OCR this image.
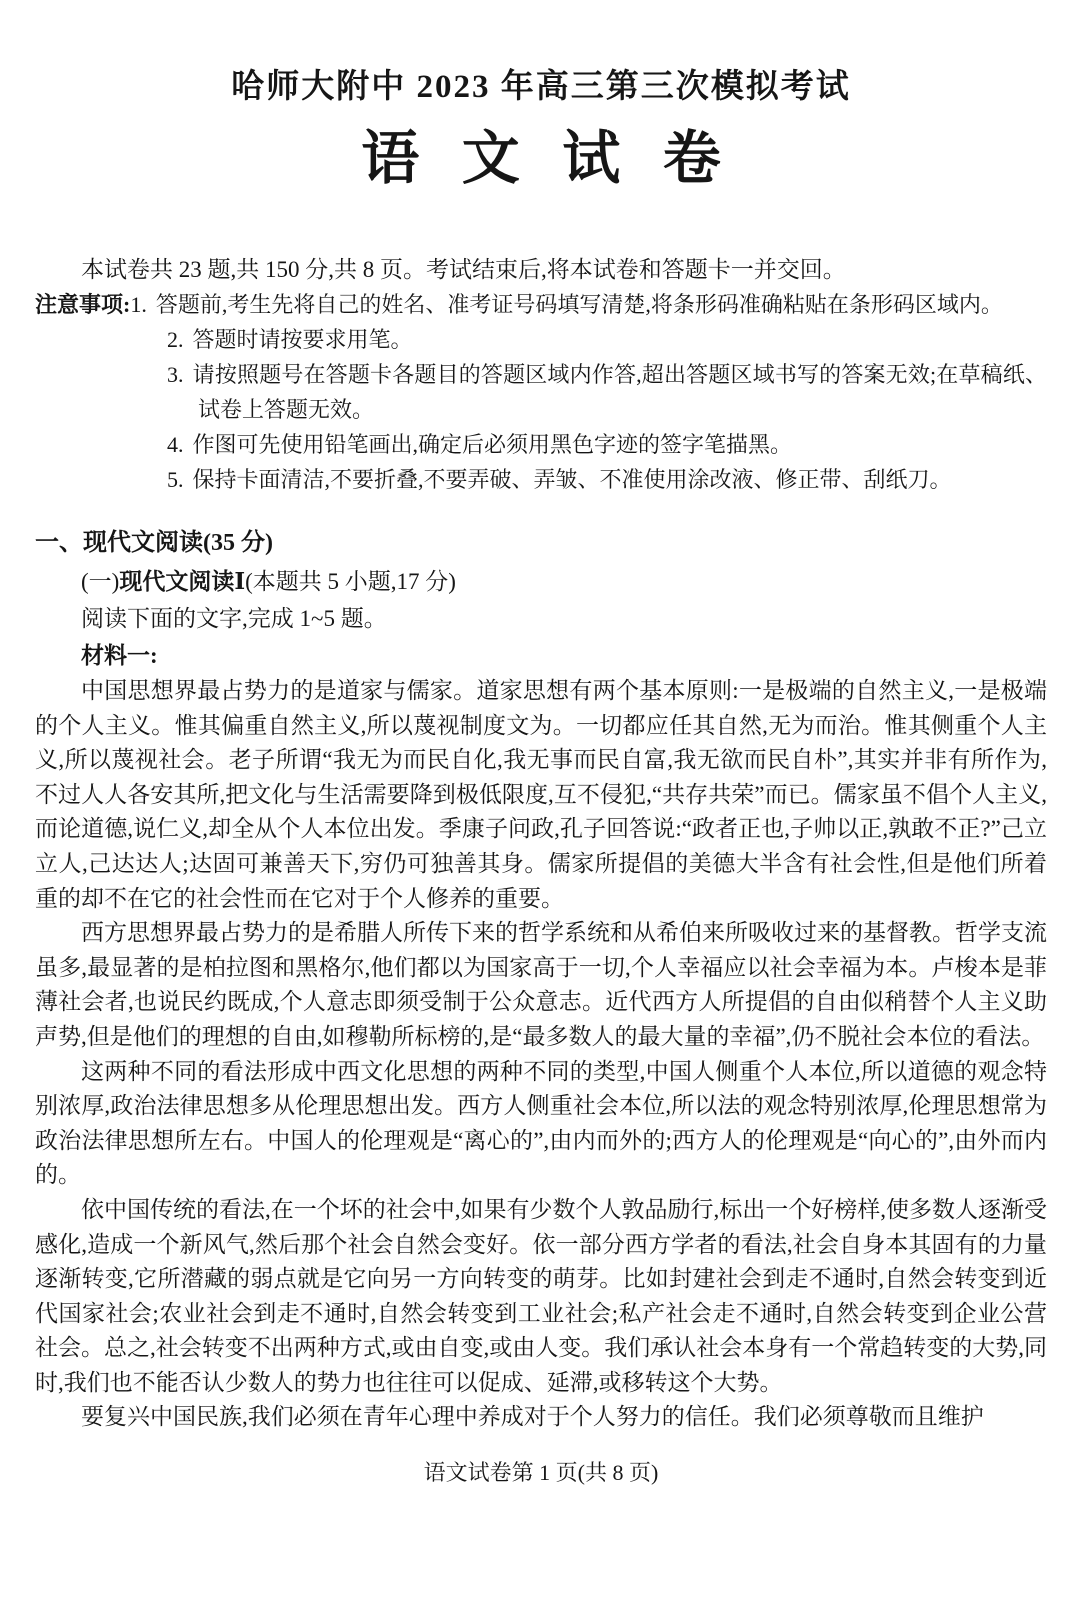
哈师大附中 2023 年高三第三次模拟考试
语 文 试 卷
本试卷共 23 题,共 150 分,共 8 页。考试结束后,将本试卷和答题卡一并交回。
注意事项:1. 答题前,考生先将自己的姓名、准考证号码填写清楚,将条形码准确粘贴在条形码区域内。
2. 答题时请按要求用笔。
3. 请按照题号在答题卡各题目的答题区域内作答,超出答题区域书写的答案无效;在草稿纸、试卷上答题无效。
4. 作图可先使用铅笔画出,确定后必须用黑色字迹的签字笔描黑。
5. 保持卡面清洁,不要折叠,不要弄破、弄皱、不准使用涂改液、修正带、刮纸刀。
一、现代文阅读(35 分)
(一)现代文阅读Ⅰ(本题共 5 小题,17 分)
阅读下面的文字,完成 1~5 题。
材料一:

中国思想界最占势力的是道家与儒家。道家思想有两个基本原则:一是极端的自然主义,一是极端的个人主义。惟其偏重自然主义,所以蔑视制度文为。一切都应任其自然,无为而治。惟其侧重个人主义,所以蔑视社会。老子所谓“我无为而民自化,我无事而民自富,我无欲而民自朴”,其实并非有所作为,不过人人各安其所,把文化与生活需要降到极低限度,互不侵犯,“共存共荣”而已。儒家虽不倡个人主义,而论道德,说仁义,却全从个人本位出发。季康子问政,孔子回答说:“政者正也,子帅以正,孰敢不正?”己立立人,己达达人;达固可兼善天下,穷仍可独善其身。儒家所提倡的美德大半含有社会性,但是他们所着重的却不在它的社会性而在它对于个人修养的重要。

西方思想界最占势力的是希腊人所传下来的哲学系统和从希伯来所吸收过来的基督教。哲学支流虽多,最显著的是柏拉图和黑格尔,他们都以为国家高于一切,个人幸福应以社会幸福为本。卢梭本是菲薄社会者,也说民约既成,个人意志即须受制于公众意志。近代西方人所提倡的自由似稍替个人主义助声势,但是他们的理想的自由,如穆勒所标榜的,是“最多数人的最大量的幸福”,仍不脱社会本位的看法。

这两种不同的看法形成中西文化思想的两种不同的类型,中国人侧重个人本位,所以道德的观念特别浓厚,政治法律思想多从伦理思想出发。西方人侧重社会本位,所以法的观念特别浓厚,伦理思想常为政治法律思想所左右。中国人的伦理观是“离心的”,由内而外的;西方人的伦理观是“向心的”,由外而内的。

依中国传统的看法,在一个坏的社会中,如果有少数个人敦品励行,标出一个好榜样,使多数人逐渐受感化,造成一个新风气,然后那个社会自然会变好。依一部分西方学者的看法,社会自身本其固有的力量逐渐转变,它所潜藏的弱点就是它向另一方向转变的萌芽。比如封建社会到走不通时,自然会转变到近代国家社会;农业社会到走不通时,自然会转变到工业社会;私产社会走不通时,自然会转变到企业公营社会。总之,社会转变不出两种方式,或由自变,或由人变。我们承认社会本身有一个常趋转变的大势,同时,我们也不能否认少数人的势力也往往可以促成、延滞,或移转这个大势。

要复兴中国民族,我们必须在青年心理中养成对于个人努力的信任。我们必须尊敬而且维护

语文试卷第 1 页(共 8 页)
